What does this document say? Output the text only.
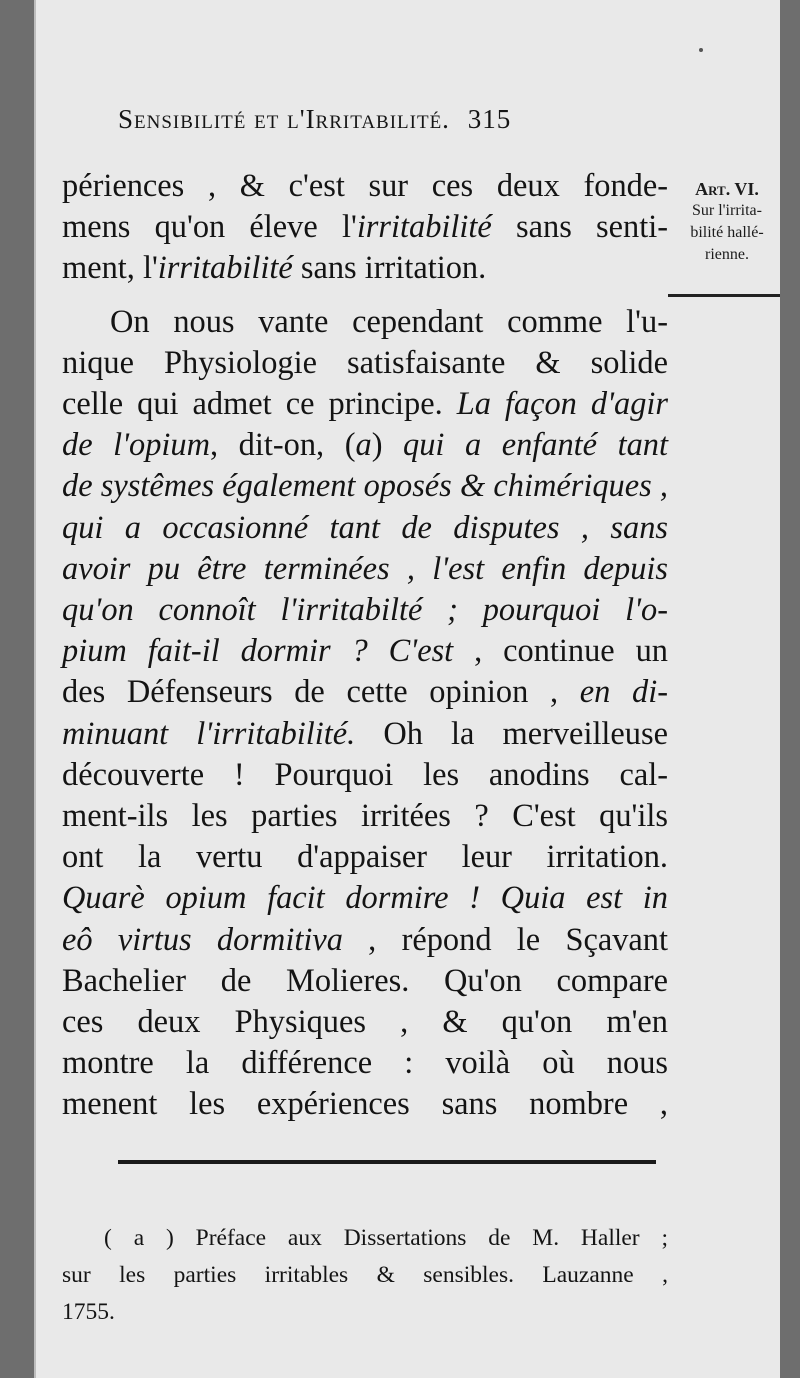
Sensibilité et l'Irritabilité. 315
Art. VI.
Sur l'irrita-
bilité hallé-
rienne.

périences , & c'est sur ces deux fonde-

mens qu'on éleve l'irritabilité sans senti-

ment, l'irritabilité sans irritation.

On nous vante cependant comme l'u-

nique Physiologie satisfaisante & solide

celle qui admet ce principe. La façon d'agir

de l'opium, dit-on, (a) qui a enfanté tant

de systêmes également oposés & chimériques ,

qui a occasionné tant de disputes , sans

avoir pu être terminées , l'est enfin depuis

qu'on connoît l'irritabilté ; pourquoi l'o-

pium fait-il dormir ? C'est , continue un

des Défenseurs de cette opinion , en di-

minuant l'irritabilité. Oh la merveilleuse

découverte ! Pourquoi les anodins cal-

ment-ils les parties irritées ? C'est qu'ils

ont la vertu d'appaiser leur irritation.

Quarè opium facit dormire ! Quia est in

eô virtus dormitiva , répond le Sçavant

Bachelier de Molieres. Qu'on compare

ces deux Physiques , & qu'on m'en

montre la différence : voilà où nous

menent les expériences sans nombre ,

( a ) Préface aux Dissertations de M. Haller ;

sur les parties irritables & sensibles. Lauzanne ,

1755.
